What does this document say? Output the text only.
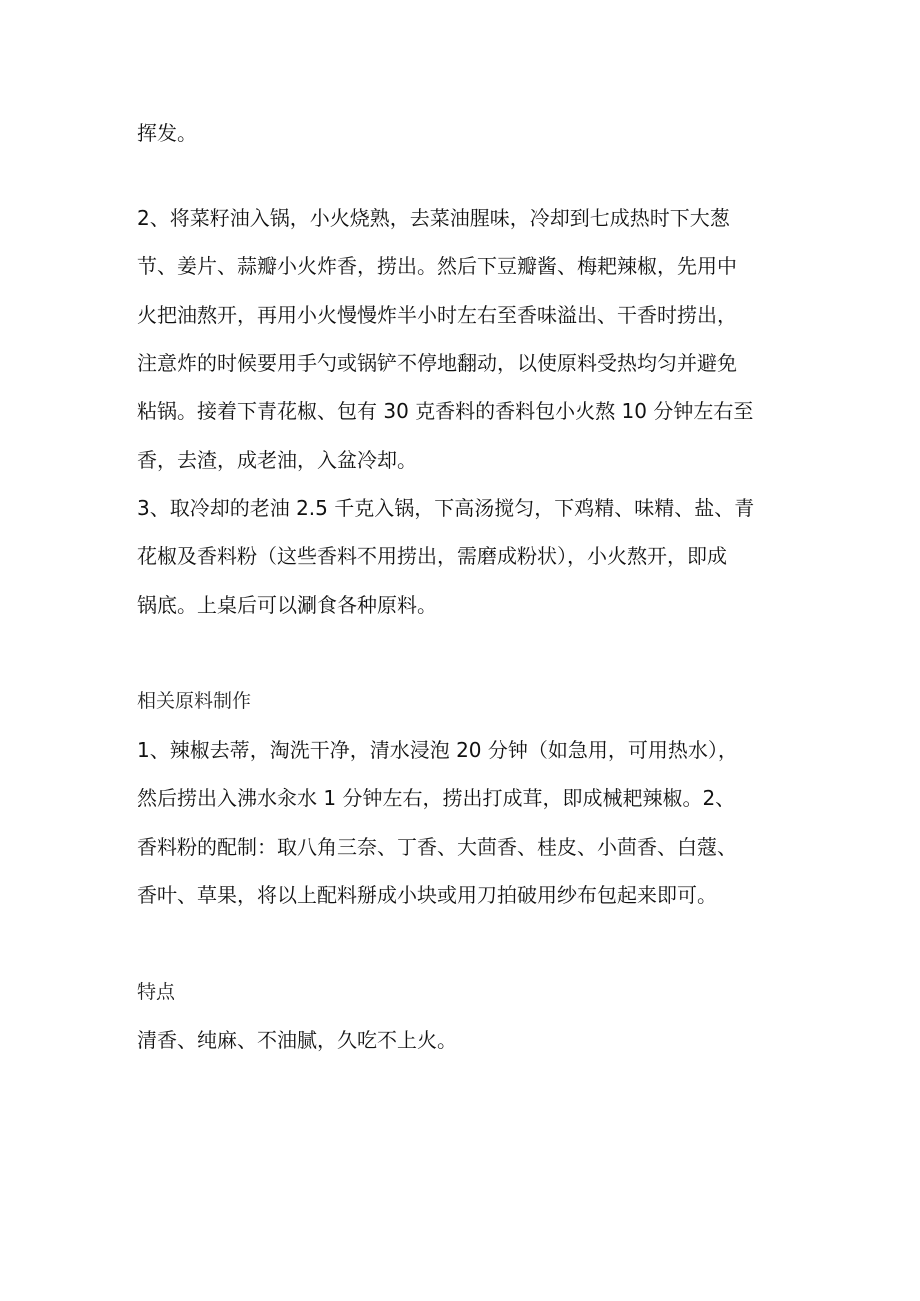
挥发。

2、将菜籽油入锅，小火烧熟，去菜油腥味，冷却到七成热时下大葱

节、姜片、蒜瓣小火炸香，捞出。然后下豆瓣酱、梅耙辣椒，先用中

火把油熬开，再用小火慢慢炸半小时左右至香味溢出、干香时捞出，

注意炸的时候要用手勺或锅铲不停地翻动，以使原料受热均匀并避免

粘锅。接着下青花椒、包有 30 克香料的香料包小火熬 10 分钟左右至

香，去渣，成老油，入盆冷却。

3、取冷却的老油 2.5 千克入锅，下高汤搅匀，下鸡精、味精、盐、青

花椒及香料粉（这些香料不用捞出，需磨成粉状），小火熬开，即成

锅底。上桌后可以涮食各种原料。

相关原料制作

1、辣椒去蒂，淘洗干净，清水浸泡 20 分钟（如急用，可用热水），

然后捞出入沸水汆水 1 分钟左右，捞出打成茸，即成械耙辣椒。2、

香料粉的配制：取八角三奈、丁香、大茴香、桂皮、小茴香、白蔻、

香叶、草果，将以上配料掰成小块或用刀拍破用纱布包起来即可。

特点

清香、纯麻、不油腻，久吃不上火。
